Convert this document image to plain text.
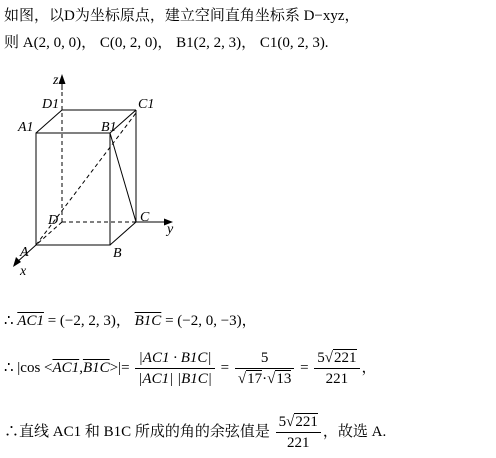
如图，以D为坐标原点，建立空间直角坐标系 D−xyz，
则 A(2, 0, 0)， C(0, 2, 0)， B1(2, 2, 3)， C1(0, 2, 3).
z
y
x
D1	C1
A1	B1
D	C
A	B
∴ AC1 = (−2, 2, 3)， B1C = (−2, 0, −3)，
∴ $|\cos <AC1,B1C>|= \frac{|AC1 \cdot B1C|}{|AC1| |B1C|} = \frac{5}{√17\cdot√13} = \frac{5√221}{221}$ ，
∴直线 AC1 和 B1C 所成的角的余弦值是 $\frac{5√221}{221}$ ，故选 A.
